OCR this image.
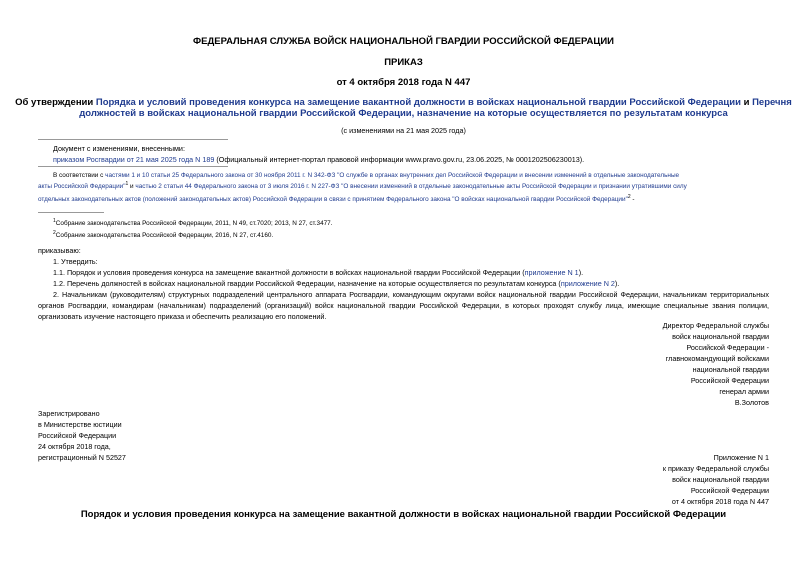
ФЕДЕРАЛЬНАЯ СЛУЖБА ВОЙСК НАЦИОНАЛЬНОЙ ГВАРДИИ РОССИЙСКОЙ ФЕДЕРАЦИИ
ПРИКАЗ
от 4 октября 2018 года N 447
Об утверждении Порядка и условий проведения конкурса на замещение вакантной должности в войсках национальной гвардии Российской Федерации и Перечня
должностей в войсках национальной гвардии Российской Федерации, назначение на которые осуществляется по результатам конкурса
(с изменениями на 21 мая 2025 года)
Документ с изменениями, внесенными:
приказом Росгвардии от 21 мая 2025 года N 189 (Официальный интернет-портал правовой информации www.pravo.gov.ru, 23.06.2025, № 0001202506230013).
В соответствии с частями 1 и 10 статьи 25 Федерального закона от 30 ноября 2011 г. N 342-ФЗ "О службе в органах внутренних дел Российской Федерации и внесении изменений в отдельные законодательные
акты Российской Федерации"$^1$ и частью 2 статьи 44 Федерального закона от 3 июля 2016 г. N 227-ФЗ "О внесении изменений в отдельные законодательные акты Российской Федерации и признании утратившими силу
отдельных законодательных актов (положений законодательных актов) Российской Федерации в связи с принятием Федерального закона "О войсках национальной гвардии Российской Федерации"$^2$ -
$^1$Собрание законодательства Российской Федерации, 2011, N 49, ст.7020; 2013, N 27, ст.3477.
$^2$Собрание законодательства Российской Федерации, 2016, N 27, ст.4160.
приказываю:
1. Утвердить:
1.1. Порядок и условия проведения конкурса на замещение вакантной должности в войсках национальной гвардии Российской Федерации (приложение N 1).
1.2. Перечень должностей в войсках национальной гвардии Российской Федерации, назначение на которые осуществляется по результатам конкурса (приложение N 2).
2. Начальникам (руководителям) структурных подразделений центрального аппарата Росгвардии, командующим округами войск национальной гвардии Российской Федерации, начальникам территориальных органов Росгвардии, командирам (начальникам) подразделений (организаций) войск национальной гвардии Российской Федерации, в которых проходят службу лица, имеющие специальные звания полиции, организовать изучение настоящего приказа и обеспечить реализацию его положений.
Директор Федеральной службы
войск национальной гвардии
Российской Федерации -
главнокомандующий войсками
национальной гвардии
Российской Федерации
генерал армии
В.Золотов
Зарегистрировано
в Министерстве юстиции
Российской Федерации
24 октября 2018 года,
регистрационный N 52527	Приложение N 1
к приказу Федеральной службы
войск национальной гвардии
Российской Федерации
от 4 октября 2018 года N 447
Порядок и условия проведения конкурса на замещение вакантной должности в войсках национальной гвардии Российской Федерации
